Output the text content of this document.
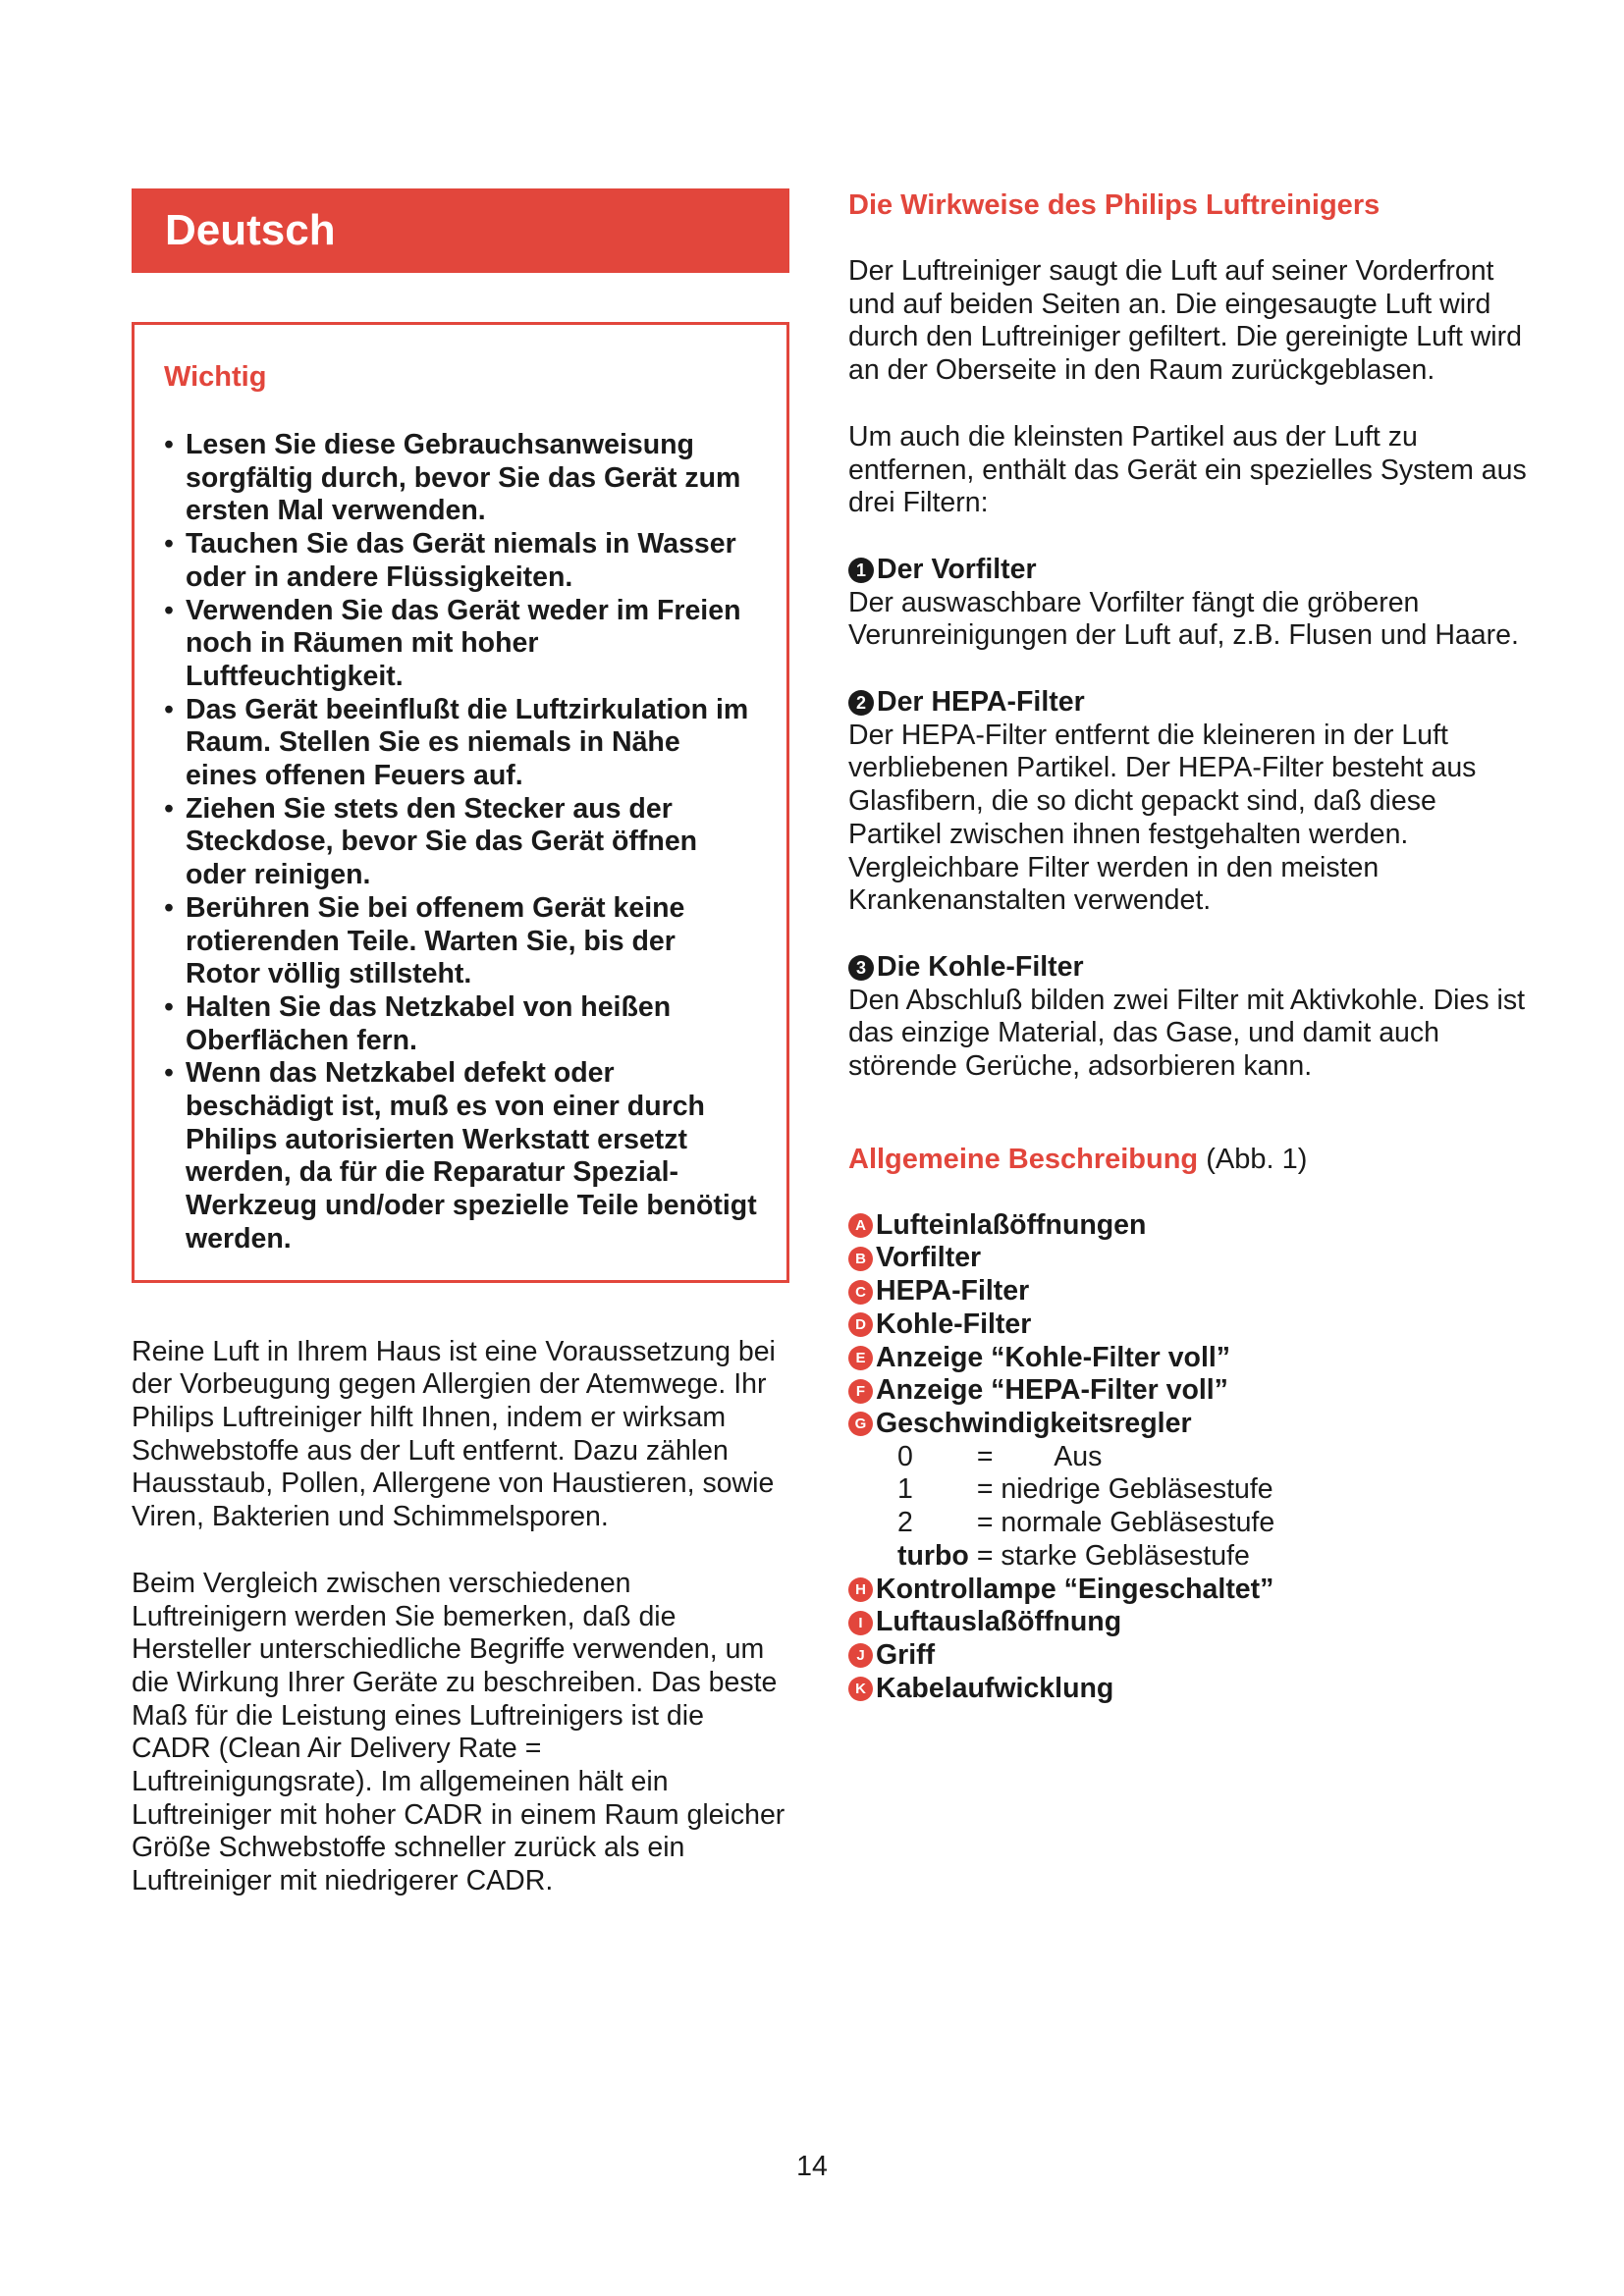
Deutsch
Wichtig
• Lesen Sie diese Gebrauchsanweisung sorgfältig durch, bevor Sie das Gerät zum ersten Mal verwenden.
• Tauchen Sie das Gerät niemals in Wasser oder in andere Flüssigkeiten.
• Verwenden Sie das Gerät weder im Freien noch in Räumen mit hoher Luftfeuchtigkeit.
• Das Gerät beeinflußt die Luftzirkulation im Raum. Stellen Sie es niemals in Nähe eines offenen Feuers auf.
• Ziehen Sie stets den Stecker aus der Steckdose, bevor Sie das Gerät öffnen oder reinigen.
• Berühren Sie bei offenem Gerät keine rotierenden Teile. Warten Sie, bis der Rotor völlig stillsteht.
• Halten Sie das Netzkabel von heißen Oberflächen fern.
• Wenn das Netzkabel defekt oder beschädigt ist, muß es von einer durch Philips autorisierten Werkstatt ersetzt werden, da für die Reparatur Spezial-Werkzeug und/oder spezielle Teile benötigt werden.

Reine Luft in Ihrem Haus ist eine Voraussetzung bei der Vorbeugung gegen Allergien der Atemwege. Ihr Philips Luftreiniger hilft Ihnen, indem er wirksam Schwebstoffe aus der Luft entfernt. Dazu zählen Hausstaub, Pollen, Allergene von Haustieren, sowie Viren, Bakterien und Schimmelsporen.

Beim Vergleich zwischen verschiedenen Luftreinigern werden Sie bemerken, daß die Hersteller unterschiedliche Begriffe verwenden, um die Wirkung Ihrer Geräte zu beschreiben. Das beste Maß für die Leistung eines Luftreinigers ist die CADR (Clean Air Delivery Rate = Luftreinigungsrate). Im allgemeinen hält ein Luftreiniger mit hoher CADR in einem Raum gleicher Größe Schwebstoffe schneller zurück als ein Luftreiniger mit niedrigerer CADR.

Die Wirkweise des Philips Luftreinigers

Der Luftreiniger saugt die Luft auf seiner Vorderfront und auf beiden Seiten an. Die eingesaugte Luft wird durch den Luftreiniger gefiltert. Die gereinigte Luft wird an der Oberseite in den Raum zurückgeblasen.

Um auch die kleinsten Partikel aus der Luft zu entfernen, enthält das Gerät ein spezielles System aus drei Filtern:

1 Der Vorfilter

Der auswaschbare Vorfilter fängt die gröberen Verunreinigungen der Luft auf, z.B. Flusen und Haare.

2 Der HEPA-Filter

Der HEPA-Filter entfernt die kleineren in der Luft verbliebenen Partikel. Der HEPA-Filter besteht aus Glasfibern, die so dicht gepackt sind, daß diese Partikel zwischen ihnen festgehalten werden. Vergleichbare Filter werden in den meisten Krankenanstalten verwendet.

3 Die Kohle-Filter

Den Abschluß bilden zwei Filter mit Aktivkohle. Dies ist das einzige Material, das Gase, und damit auch störende Gerüche, adsorbieren kann.

Allgemeine Beschreibung (Abb. 1)
A Lufteinlaßöffnungen
B Vorfilter
C HEPA-Filter
D Kohle-Filter
E Anzeige “Kohle-Filter voll”
F Anzeige “HEPA-Filter voll”
G Geschwindigkeitsregler
0	=        Aus
1	= niedrige Gebläsestufe
2	= normale Gebläsestufe
turbo	= starke Gebläsestufe
H Kontrollampe “Eingeschaltet”
I Luftauslaßöffnung
J Griff
K Kabelaufwicklung
14
